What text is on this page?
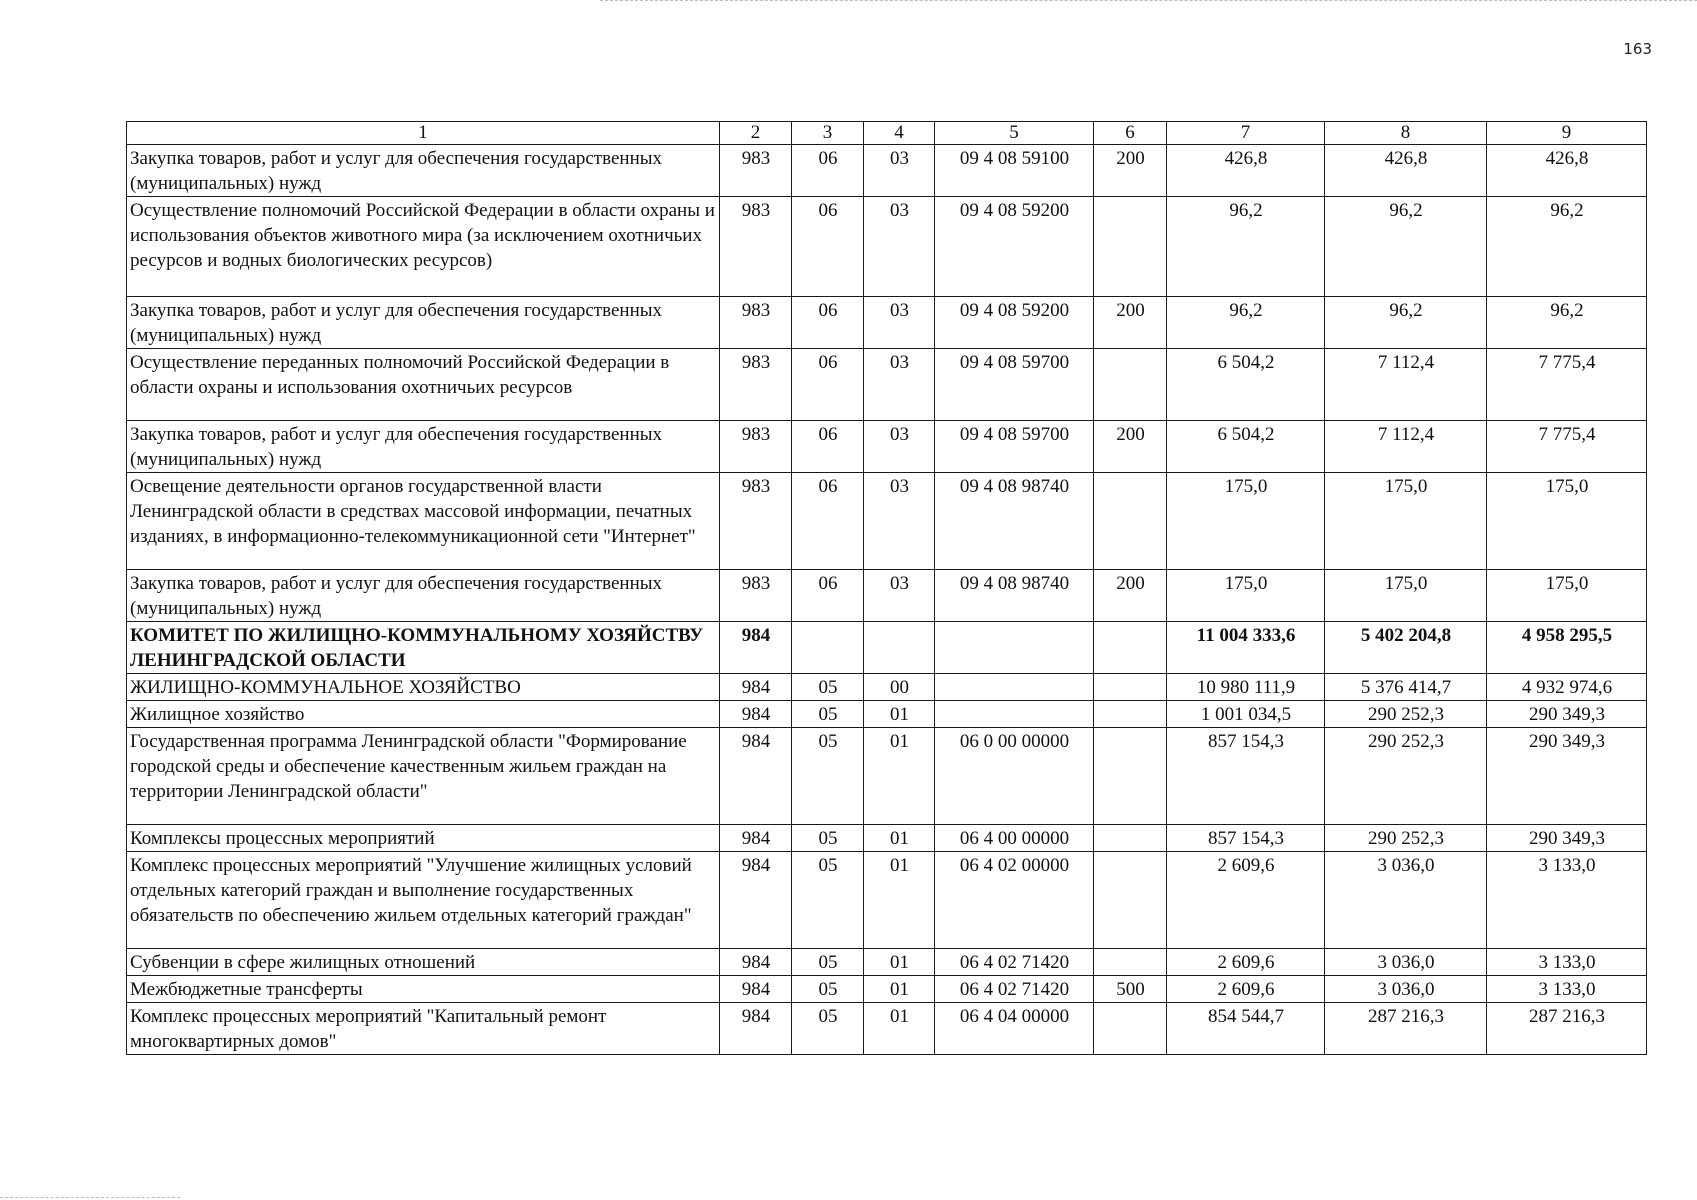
163
1	2	3	4	5	6	7	8	9
Закупка товаров, работ и услуг для обеспечения государственных (муниципальных) нужд	983	06	03	09 4 08 59100	200	426,8	426,8	426,8
Осуществление полномочий Российской Федерации в области охраны и использования объектов животного мира (за исключением охотничьих ресурсов и водных биологических ресурсов)	983	06	03	09 4 08 59200		96,2	96,2	96,2
Закупка товаров, работ и услуг для обеспечения государственных (муниципальных) нужд	983	06	03	09 4 08 59200	200	96,2	96,2	96,2
Осуществление переданных полномочий Российской Федерации в области охраны и использования охотничьих ресурсов	983	06	03	09 4 08 59700		6 504,2	7 112,4	7 775,4
Закупка товаров, работ и услуг для обеспечения государственных (муниципальных) нужд	983	06	03	09 4 08 59700	200	6 504,2	7 112,4	7 775,4
Освещение деятельности органов государственной власти Ленинградской области в средствах массовой информации, печатных изданиях, в информационно-телекоммуникационной сети "Интернет"	983	06	03	09 4 08 98740		175,0	175,0	175,0
Закупка товаров, работ и услуг для обеспечения государственных (муниципальных) нужд	983	06	03	09 4 08 98740	200	175,0	175,0	175,0
КОМИТЕТ ПО ЖИЛИЩНО-КОММУНАЛЬНОМУ ХОЗЯЙСТВУ ЛЕНИНГРАДСКОЙ ОБЛАСТИ	984					11 004 333,6	5 402 204,8	4 958 295,5
ЖИЛИЩНО-КОММУНАЛЬНОЕ ХОЗЯЙСТВО	984	05	00			10 980 111,9	5 376 414,7	4 932 974,6
Жилищное хозяйство	984	05	01			1 001 034,5	290 252,3	290 349,3
Государственная программа Ленинградской области "Формирование городской среды и обеспечение качественным жильем граждан на территории Ленинградской области"	984	05	01	06 0 00 00000		857 154,3	290 252,3	290 349,3
Комплексы процессных мероприятий	984	05	01	06 4 00 00000		857 154,3	290 252,3	290 349,3
Комплекс процессных мероприятий "Улучшение жилищных условий отдельных категорий граждан и выполнение государственных обязательств по обеспечению жильем отдельных категорий граждан"	984	05	01	06 4 02 00000		2 609,6	3 036,0	3 133,0
Субвенции в сфере жилищных отношений	984	05	01	06 4 02 71420		2 609,6	3 036,0	3 133,0
Межбюджетные трансферты	984	05	01	06 4 02 71420	500	2 609,6	3 036,0	3 133,0
Комплекс процессных мероприятий "Капитальный ремонт многоквартирных домов"	984	05	01	06 4 04 00000		854 544,7	287 216,3	287 216,3
